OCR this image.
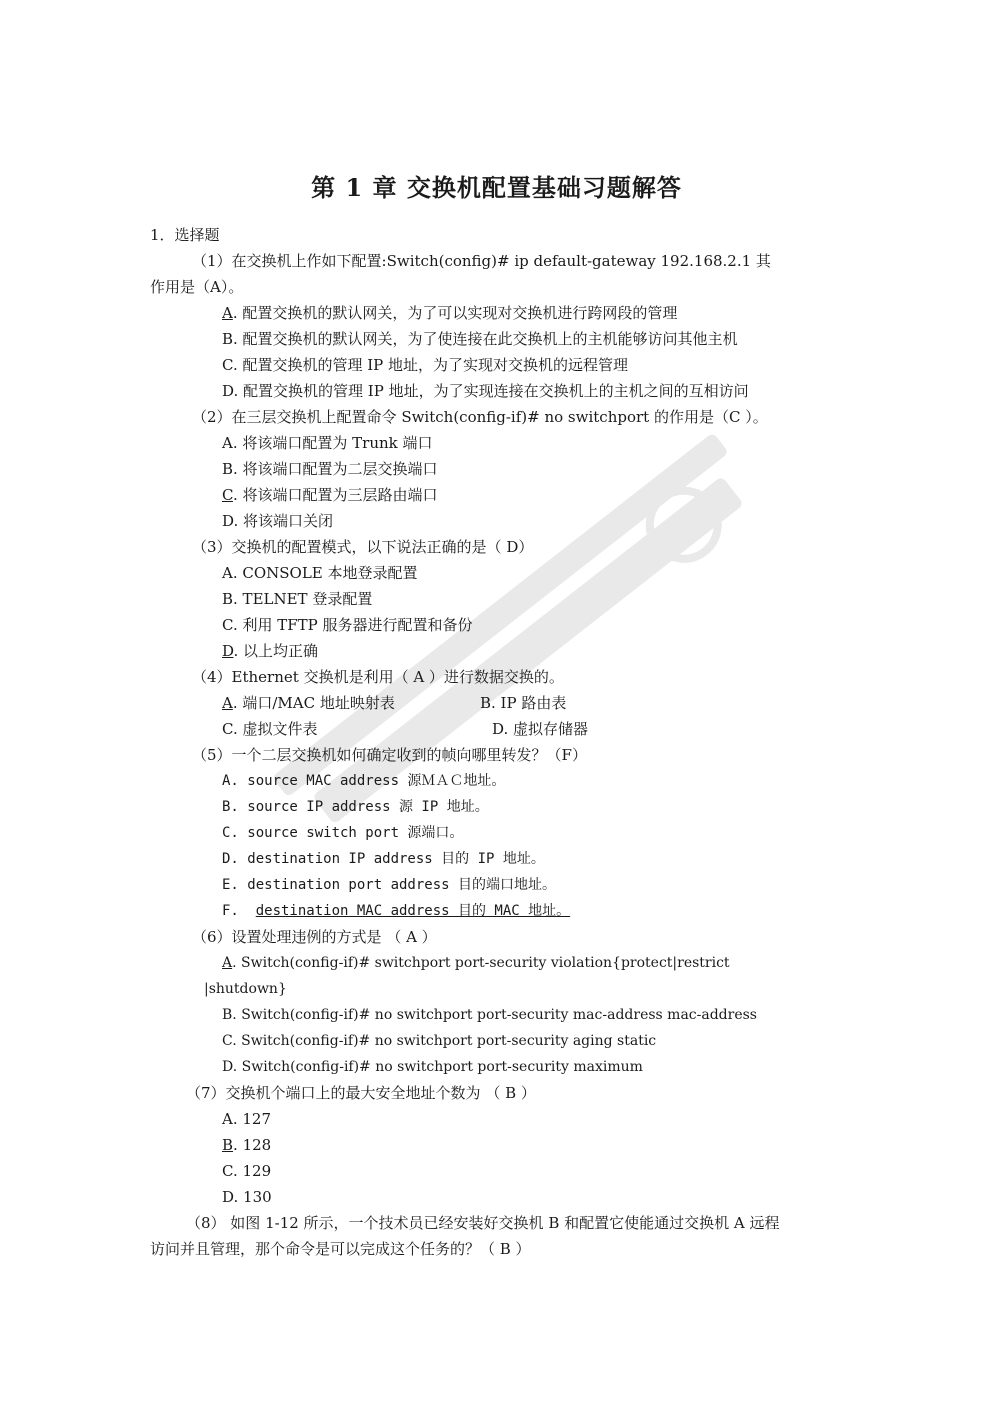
第 1 章 交换机配置基础习题解答
1．选择题
（1）在交换机上作如下配置:Switch(config)# ip default-gateway 192.168.2.1 其
作用是（A）。
A. 配置交换机的默认网关，为了可以实现对交换机进行跨网段的管理
B. 配置交换机的默认网关，为了使连接在此交换机上的主机能够访问其他主机
C. 配置交换机的管理 IP 地址，为了实现对交换机的远程管理
D. 配置交换机的管理 IP 地址，为了实现连接在交换机上的主机之间的互相访问
（2）在三层交换机上配置命令 Switch(config-if)# no switchport 的作用是（C ）。
A. 将该端口配置为 Trunk 端口
B. 将该端口配置为二层交换端口
C. 将该端口配置为三层路由端口
D. 将该端口关闭
（3）交换机的配置模式，以下说法正确的是（ D）
A. CONSOLE 本地登录配置
B. TELNET 登录配置
C. 利用 TFTP 服务器进行配置和备份
D. 以上均正确
（4）Ethernet 交换机是利用（ A ）进行数据交换的。
A. 端口/MAC 地址映射表	B. IP 路由表
C. 虚拟文件表	D. 虚拟存储器
（5）一个二层交换机如何确定收到的帧向哪里转发？（F）
A. source MAC address 源ＭＡＣ地址。
B. source IP address 源 IP 地址。
C. source switch port 源端口。
D. destination IP address 目的 IP 地址。
E. destination port address 目的端口地址。
F. destination MAC address 目的 MAC 地址。
（6）设置处理违例的方式是 （ A ）
A. Switch(config-if)# switchport port-security violation{protect|restrict
|shutdown}
B. Switch(config-if)# no switchport port-security mac-address mac-address
C. Switch(config-if)# no switchport port-security aging static
D. Switch(config-if)# no switchport port-security maximum
（7）交换机个端口上的最大安全地址个数为 （ B ）
A. 127
B. 128
C. 129
D. 130
（8） 如图 1-12 所示，一个技术员已经安装好交换机 B 和配置它使能通过交换机 A 远程
访问并且管理，那个命令是可以完成这个任务的？（ B ）
